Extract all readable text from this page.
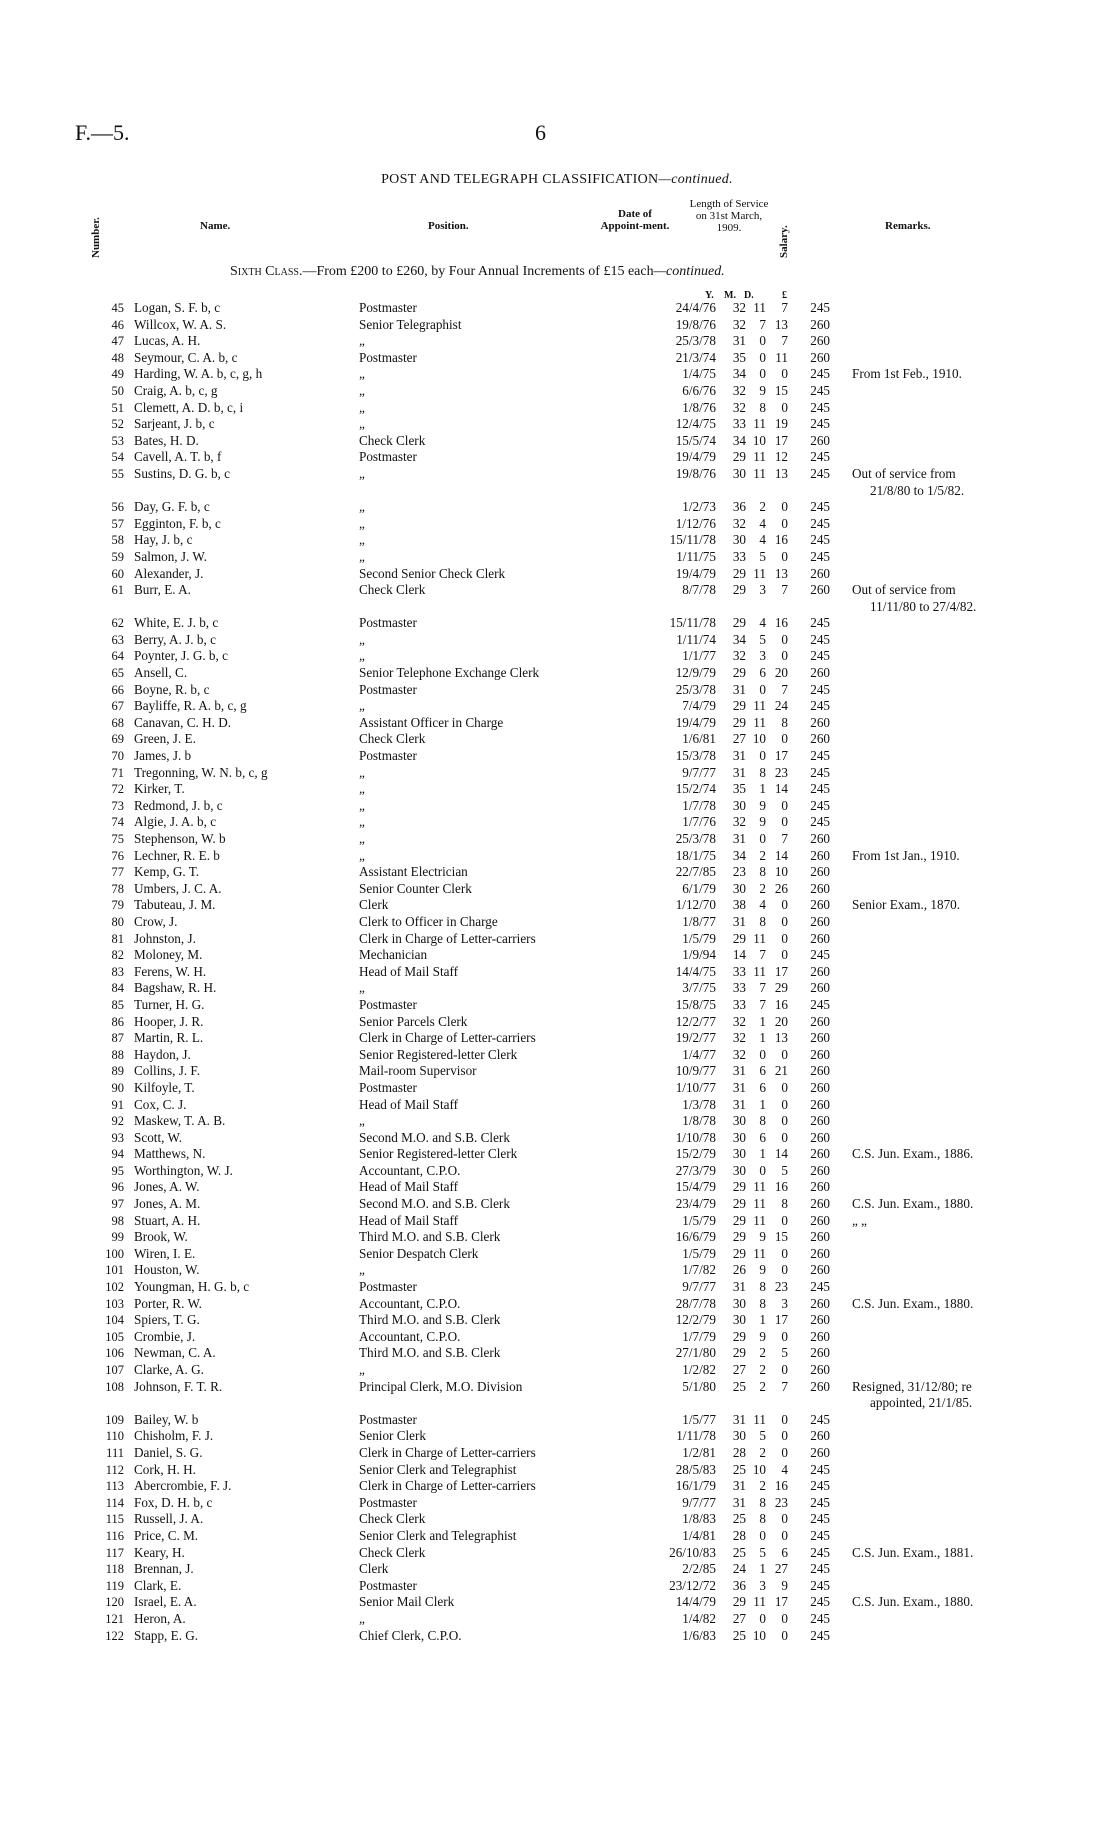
F.—5.	6
POST AND TELEGRAPH CLASSIFICATION—continued.
Number.	Name.	Position.
Date of Appoint-ment.
Length of Service on 31st March, 1909.	Salary.	Remarks.
Sixth Class.—From £200 to £260, by Four Annual Increments of £15 each—continued.
Y. M. D.	£
45	Logan, S. F. b, c	Postmaster	24/4/76	32	11	7	245	
46	Willcox, W. A. S.	Senior Telegraphist	19/8/76	32	7	13	260	
47	Lucas, A. H.	„	25/3/78	31	0	7	260	
48	Seymour, C. A. b, c	Postmaster	21/3/74	35	0	11	260	
49	Harding, W. A. b, c, g, h	„	1/4/75	34	0	0	245	From 1st Feb., 1910.
50	Craig, A. b, c, g	„	6/6/76	32	9	15	245	
51	Clemett, A. D. b, c, i	„	1/8/76	32	8	0	245	
52	Sarjeant, J. b, c	„	12/4/75	33	11	19	245	
53	Bates, H. D.	Check Clerk	15/5/74	34	10	17	260	
54	Cavell, A. T. b, f	Postmaster	19/4/79	29	11	12	245	
55	Sustins, D. G. b, c	„	19/8/76	30	11	13	245	Out of service from

								21/8/80 to 1/5/82.

56	Day, G. F. b, c	„	1/2/73	36	2	0	245	
57	Egginton, F. b, c	„	1/12/76	32	4	0	245	
58	Hay, J. b, c	„	15/11/78	30	4	16	245	
59	Salmon, J. W.	„	1/11/75	33	5	0	245	
60	Alexander, J.	Second Senior Check Clerk	19/4/79	29	11	13	260	
61	Burr, E. A.	Check Clerk	8/7/78	29	3	7	260	Out of service from

								11/11/80 to 27/4/82.

62	White, E. J. b, c	Postmaster	15/11/78	29	4	16	245	
63	Berry, A. J. b, c	„	1/11/74	34	5	0	245	
64	Poynter, J. G. b, c	„	1/1/77	32	3	0	245	
65	Ansell, C.	Senior Telephone Exchange Clerk	12/9/79	29	6	20	260	
66	Boyne, R. b, c	Postmaster	25/3/78	31	0	7	245	
67	Bayliffe, R. A. b, c, g	„	7/4/79	29	11	24	245	
68	Canavan, C. H. D.	Assistant Officer in Charge	19/4/79	29	11	8	260	
69	Green, J. E.	Check Clerk	1/6/81	27	10	0	260	
70	James, J. b	Postmaster	15/3/78	31	0	17	245	
71	Tregonning, W. N. b, c, g	„	9/7/77	31	8	23	245	
72	Kirker, T.	„	15/2/74	35	1	14	245	
73	Redmond, J. b, c	„	1/7/78	30	9	0	245	
74	Algie, J. A. b, c	„	1/7/76	32	9	0	245	
75	Stephenson, W. b	„	25/3/78	31	0	7	260	
76	Lechner, R. E. b	„	18/1/75	34	2	14	260	From 1st Jan., 1910.
77	Kemp, G. T.	Assistant Electrician	22/7/85	23	8	10	260	
78	Umbers, J. C. A.	Senior Counter Clerk	6/1/79	30	2	26	260	
79	Tabuteau, J. M.	Clerk	1/12/70	38	4	0	260	Senior Exam., 1870.
80	Crow, J.	Clerk to Officer in Charge	1/8/77	31	8	0	260	
81	Johnston, J.	Clerk in Charge of Letter-carriers	1/5/79	29	11	0	260	
82	Moloney, M.	Mechanician	1/9/94	14	7	0	245	
83	Ferens, W. H.	Head of Mail Staff	14/4/75	33	11	17	260	
84	Bagshaw, R. H.	„	3/7/75	33	7	29	260	
85	Turner, H. G.	Postmaster	15/8/75	33	7	16	245	
86	Hooper, J. R.	Senior Parcels Clerk	12/2/77	32	1	20	260	
87	Martin, R. L.	Clerk in Charge of Letter-carriers	19/2/77	32	1	13	260	
88	Haydon, J.	Senior Registered-letter Clerk	1/4/77	32	0	0	260	
89	Collins, J. F.	Mail-room Supervisor	10/9/77	31	6	21	260	
90	Kilfoyle, T.	Postmaster	1/10/77	31	6	0	260	
91	Cox, C. J.	Head of Mail Staff	1/3/78	31	1	0	260	
92	Maskew, T. A. B.	„	1/8/78	30	8	0	260	
93	Scott, W.	Second M.O. and S.B. Clerk	1/10/78	30	6	0	260	
94	Matthews, N.	Senior Registered-letter Clerk	15/2/79	30	1	14	260	C.S. Jun. Exam., 1886.
95	Worthington, W. J.	Accountant, C.P.O.	27/3/79	30	0	5	260	
96	Jones, A. W.	Head of Mail Staff	15/4/79	29	11	16	260	
97	Jones, A. M.	Second M.O. and S.B. Clerk	23/4/79	29	11	8	260	C.S. Jun. Exam., 1880.
98	Stuart, A. H.	Head of Mail Staff	1/5/79	29	11	0	260	„ „
99	Brook, W.	Third M.O. and S.B. Clerk	16/6/79	29	9	15	260	
100	Wiren, I. E.	Senior Despatch Clerk	1/5/79	29	11	0	260	
101	Houston, W.	„	1/7/82	26	9	0	260	
102	Youngman, H. G. b, c	Postmaster	9/7/77	31	8	23	245	
103	Porter, R. W.	Accountant, C.P.O.	28/7/78	30	8	3	260	C.S. Jun. Exam., 1880.
104	Spiers, T. G.	Third M.O. and S.B. Clerk	12/2/79	30	1	17	260	
105	Crombie, J.	Accountant, C.P.O.	1/7/79	29	9	0	260	
106	Newman, C. A.	Third M.O. and S.B. Clerk	27/1/80	29	2	5	260	
107	Clarke, A. G.	„	1/2/82	27	2	0	260	
108	Johnson, F. T. R.	Principal Clerk, M.O. Division	5/1/80	25	2	7	260	Resigned, 31/12/80; re

								appointed, 21/1/85.

109	Bailey, W. b	Postmaster	1/5/77	31	11	0	245	
110	Chisholm, F. J.	Senior Clerk	1/11/78	30	5	0	260	
111	Daniel, S. G.	Clerk in Charge of Letter-carriers	1/2/81	28	2	0	260	
112	Cork, H. H.	Senior Clerk and Telegraphist	28/5/83	25	10	4	245	
113	Abercrombie, F. J.	Clerk in Charge of Letter-carriers	16/1/79	31	2	16	245	
114	Fox, D. H. b, c	Postmaster	9/7/77	31	8	23	245	
115	Russell, J. A.	Check Clerk	1/8/83	25	8	0	245	
116	Price, C. M.	Senior Clerk and Telegraphist	1/4/81	28	0	0	245	
117	Keary, H.	Check Clerk	26/10/83	25	5	6	245	C.S. Jun. Exam., 1881.
118	Brennan, J.	Clerk	2/2/85	24	1	27	245	
119	Clark, E.	Postmaster	23/12/72	36	3	9	245	
120	Israel, E. A.	Senior Mail Clerk	14/4/79	29	11	17	245	C.S. Jun. Exam., 1880.
121	Heron, A.	„	1/4/82	27	0	0	245	
122	Stapp, E. G.	Chief Clerk, C.P.O.	1/6/83	25	10	0	245	
